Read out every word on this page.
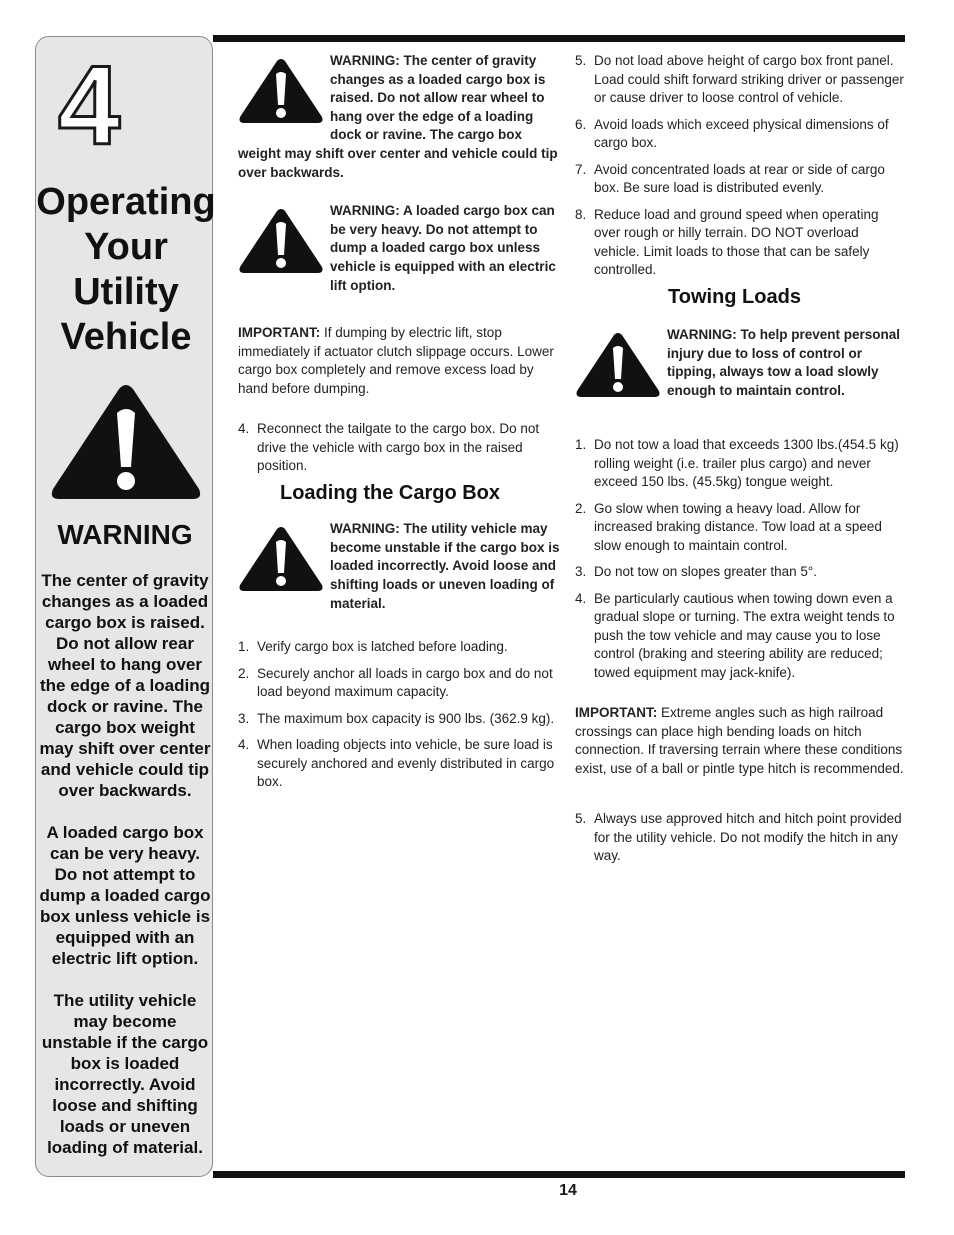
4
Operating
Your
Utility
Vehicle
WARNING

The center of gravity changes as a loaded cargo box is raised. Do not allow rear wheel to hang over the edge of a loading dock or ravine. The cargo box weight may shift over center and vehicle could tip over backwards.

A loaded cargo box can be very heavy. Do not attempt to dump a loaded cargo box unless vehicle is equipped with an electric lift option.

The utility vehicle may become unstable if the cargo box is loaded incorrectly. Avoid loose and shifting loads or uneven loading of material.

WARNING: The center of gravity changes as a loaded cargo box is raised. Do not allow rear wheel to hang over the edge of a loading dock or ravine. The cargo box weight may shift over center and vehicle could tip over backwards.
WARNING: A loaded cargo box can be very heavy. Do not attempt to dump a loaded cargo box unless vehicle is equipped with an electric lift option.

IMPORTANT: If dumping by electric lift, stop immediately if actuator clutch slippage occurs. Lower cargo box completely and remove excess load by hand before dumping.

4. Reconnect the tailgate to the cargo box. Do not drive the vehicle with cargo box in the raised position.
Loading the Cargo Box
WARNING: The utility vehicle may become unstable if the cargo box is loaded incorrectly. Avoid loose and shifting loads or uneven loading of material.
1. Verify cargo box is latched before loading.
2. Securely anchor all loads in cargo box and do not load beyond maximum capacity.
3. The maximum box capacity is 900 lbs. (362.9 kg).
4. When loading objects into vehicle, be sure load is securely anchored and evenly distributed in cargo box.
5. Do not load above height of cargo box front panel. Load could shift forward striking driver or passenger or cause driver to loose control of vehicle.
6. Avoid loads which exceed physical dimensions of cargo box.
7. Avoid concentrated loads at rear or side of cargo box. Be sure load is distributed evenly.
8. Reduce load and ground speed when operating over rough or hilly terrain. DO NOT overload vehicle. Limit loads to those that can be safely controlled.
Towing Loads
WARNING: To help prevent personal injury due to loss of control or tipping, always tow a load slowly enough to maintain control.
1. Do not tow a load that exceeds 1300 lbs.(454.5 kg) rolling weight (i.e. trailer plus cargo) and never exceed 150 lbs. (45.5kg) tongue weight.
2. Go slow when towing a heavy load. Allow for increased braking distance. Tow load at a speed slow enough to maintain control.
3. Do not tow on slopes greater than 5°.
4. Be particularly cautious when towing down even a gradual slope or turning. The extra weight tends to push the tow vehicle and may cause you to lose control (braking and steering ability are reduced; towed equipment may jack-knife).

IMPORTANT: Extreme angles such as high railroad crossings can place high bending loads on hitch connection. If traversing terrain where these conditions exist, use of a ball or pintle type hitch is recommended.

5. Always use approved hitch and hitch point provided for the utility vehicle. Do not modify the hitch in any way.
14
